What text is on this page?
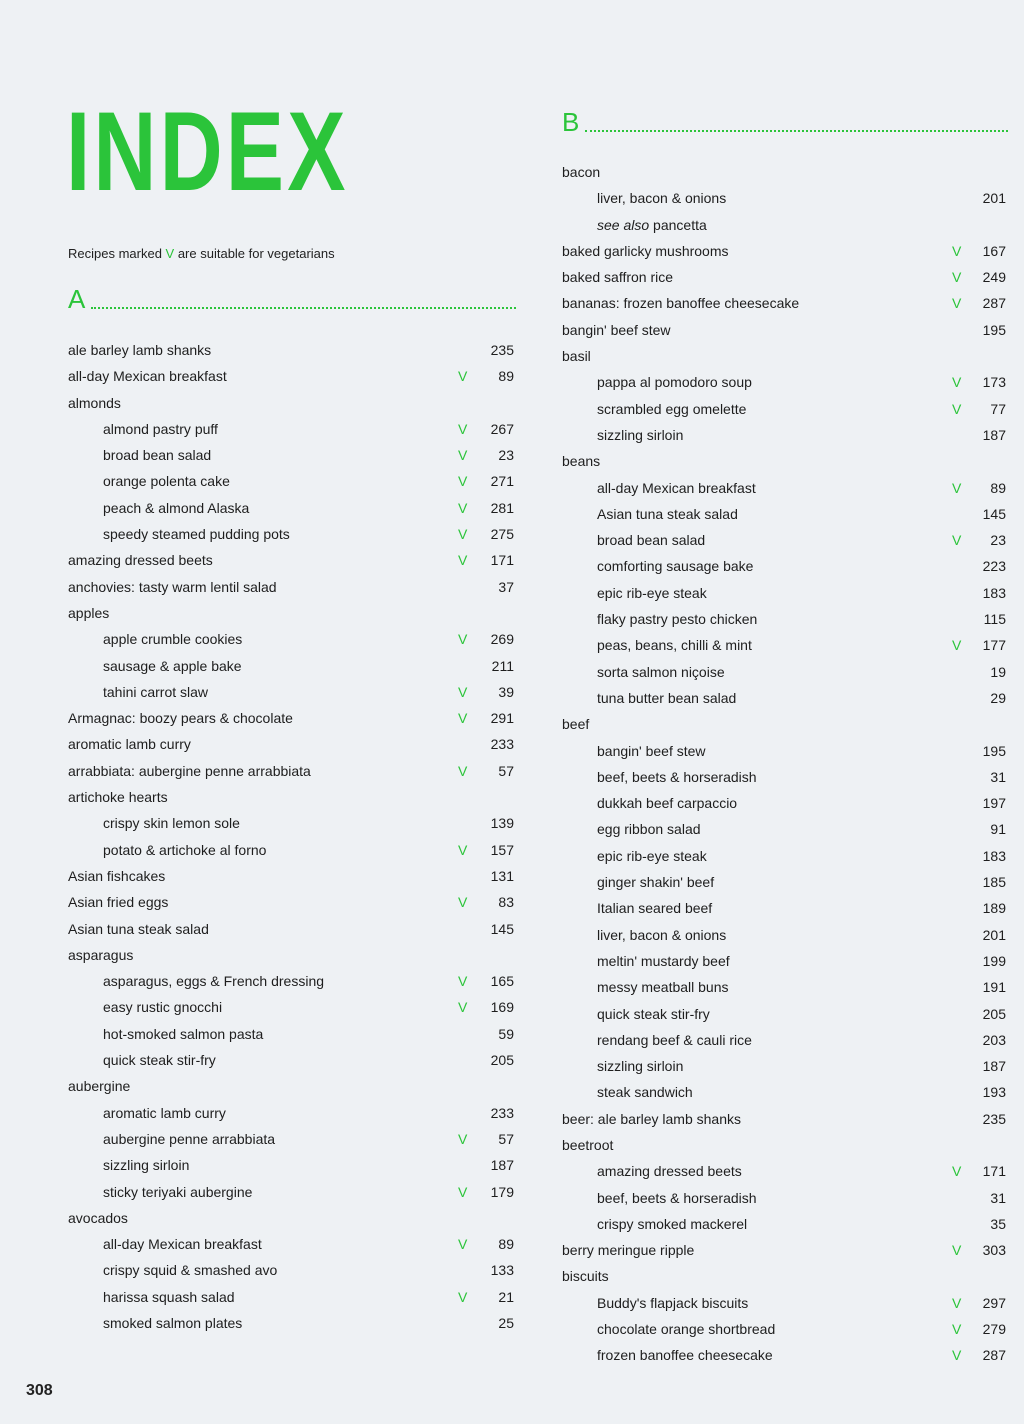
INDEX
Recipes marked V are suitable for vegetarians
A
ale barley lamb shanks	235
all-day Mexican breakfast	V	89
almonds
almond pastry puff	V	267
broad bean salad	V	23
orange polenta cake	V	271
peach & almond Alaska	V	281
speedy steamed pudding pots	V	275
amazing dressed beets	V	171
anchovies: tasty warm lentil salad	37
apples
apple crumble cookies	V	269
sausage & apple bake	211
tahini carrot slaw	V	39
Armagnac: boozy pears & chocolate	V	291
aromatic lamb curry	233
arrabbiata: aubergine penne arrabbiata	V	57
artichoke hearts
crispy skin lemon sole	139
potato & artichoke al forno	V	157
Asian fishcakes	131
Asian fried eggs	V	83
Asian tuna steak salad	145
asparagus
asparagus, eggs & French dressing	V	165
easy rustic gnocchi	V	169
hot-smoked salmon pasta	59
quick steak stir-fry	205
aubergine
aromatic lamb curry	233
aubergine penne arrabbiata	V	57
sizzling sirloin	187
sticky teriyaki aubergine	V	179
avocados
all-day Mexican breakfast	V	89
crispy squid & smashed avo	133
harissa squash salad	V	21
smoked salmon plates	25
B
bacon
liver, bacon & onions	201
see also pancetta
baked garlicky mushrooms	V	167
baked saffron rice	V	249
bananas: frozen banoffee cheesecake	V	287
bangin' beef stew	195
basil
pappa al pomodoro soup	V	173
scrambled egg omelette	V	77
sizzling sirloin	187
beans
all-day Mexican breakfast	V	89
Asian tuna steak salad	145
broad bean salad	V	23
comforting sausage bake	223
epic rib-eye steak	183
flaky pastry pesto chicken	115
peas, beans, chilli & mint	V	177
sorta salmon niçoise	19
tuna butter bean salad	29
beef
bangin' beef stew	195
beef, beets & horseradish	31
dukkah beef carpaccio	197
egg ribbon salad	91
epic rib-eye steak	183
ginger shakin' beef	185
Italian seared beef	189
liver, bacon & onions	201
meltin' mustardy beef	199
messy meatball buns	191
quick steak stir-fry	205
rendang beef & cauli rice	203
sizzling sirloin	187
steak sandwich	193
beer: ale barley lamb shanks	235
beetroot
amazing dressed beets	V	171
beef, beets & horseradish	31
crispy smoked mackerel	35
berry meringue ripple	V	303
biscuits
Buddy's flapjack biscuits	V	297
chocolate orange shortbread	V	279
frozen banoffee cheesecake	V	287
308
